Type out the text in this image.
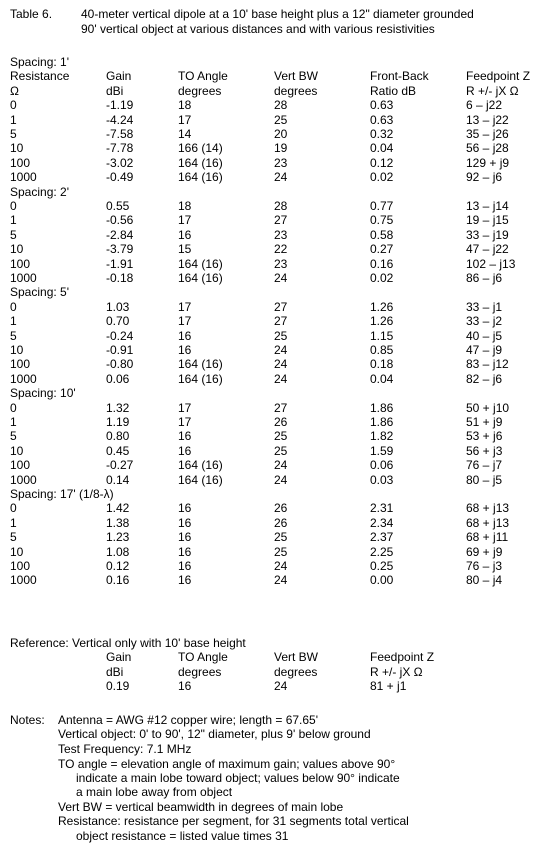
Table 6. 40-meter vertical dipole at a 10' base height plus a 12" diameter grounded
90' vertical object at various distances and with various resistivities
Spacing: 1'
Resistance	Gain	TO Angle	Vert BW	Front-Back	Feedpoint Z
Ω	dBi	degrees	degrees	Ratio dB	R +/- jX Ω
0	-1.19	18	28	0.63	6 – j22
1	-4.24	17	25	0.63	13 – j22
5	-7.58	14	20	0.32	35 – j26
10	-7.78	166 (14)	19	0.04	56 – j28
100	-3.02	164 (16)	23	0.12	129 + j9
1000	-0.49	164 (16)	24	0.02	92 – j6
Spacing: 2'
0	0.55	18	28	0.77	13 – j14
1	-0.56	17	27	0.75	19 – j15
5	-2.84	16	23	0.58	33 – j19
10	-3.79	15	22	0.27	47 – j22
100	-1.91	164 (16)	23	0.16	102 – j13
1000	-0.18	164 (16)	24	0.02	86 – j6
Spacing: 5'
0	1.03	17	27	1.26	33 – j1
1	0.70	17	27	1.26	33 – j2
5	-0.24	16	25	1.15	40 – j5
10	-0.91	16	24	0.85	47 – j9
100	-0.80	164 (16)	24	0.18	83 – j12
1000	0.06	164 (16)	24	0.04	82 – j6
Spacing: 10'
0	1.32	17	27	1.86	50 + j10
1	1.19	17	26	1.86	51 + j9
5	0.80	16	25	1.82	53 + j6
10	0.45	16	25	1.59	56 + j3
100	-0.27	164 (16)	24	0.06	76 – j7
1000	0.14	164 (16)	24	0.03	80 – j5
Spacing: 17' (1/8-λ)
0	1.42	16	26	2.31	68 + j13
1	1.38	16	26	2.34	68 + j13
5	1.23	16	25	2.37	68 + j11
10	1.08	16	25	2.25	69 + j9
100	0.12	16	24	0.25	76 – j3
1000	0.16	16	24	0.00	80 – j4
Reference: Vertical only with 10' base height
Gain	TO Angle	Vert BW	Feedpoint Z
dBi	degrees	degrees	R +/- jX Ω
0.19	16	24	81 + j1
Notes: Antenna = AWG #12 copper wire; length = 67.65'
Vertical object: 0' to 90', 12" diameter, plus 9' below ground
Test Frequency: 7.1 MHz
TO angle = elevation angle of maximum gain; values above 90°
indicate a main lobe toward object; values below 90° indicate
a main lobe away from object
Vert BW = vertical beamwidth in degrees of main lobe
Resistance: resistance per segment, for 31 segments total vertical
object resistance = listed value times 31
